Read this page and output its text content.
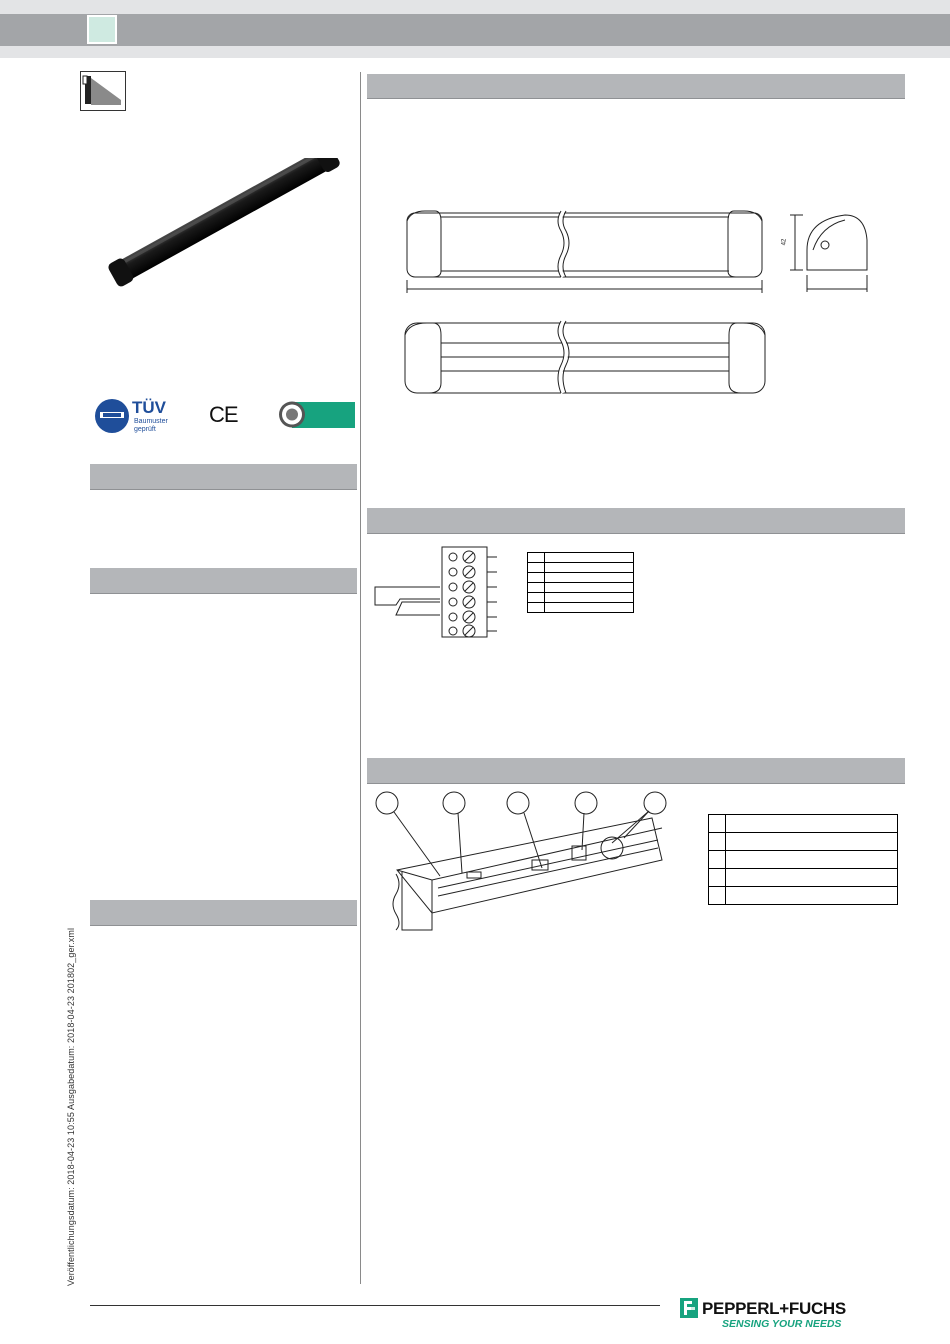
TÜV
Baumuster
geprüft
CE
42

Veröffentlichungsdatum: 2018-04-23 10:55 Ausgabedatum: 2018-04-23 201802_ger.xml
PEPPERL+FUCHS
SENSING YOUR NEEDS
